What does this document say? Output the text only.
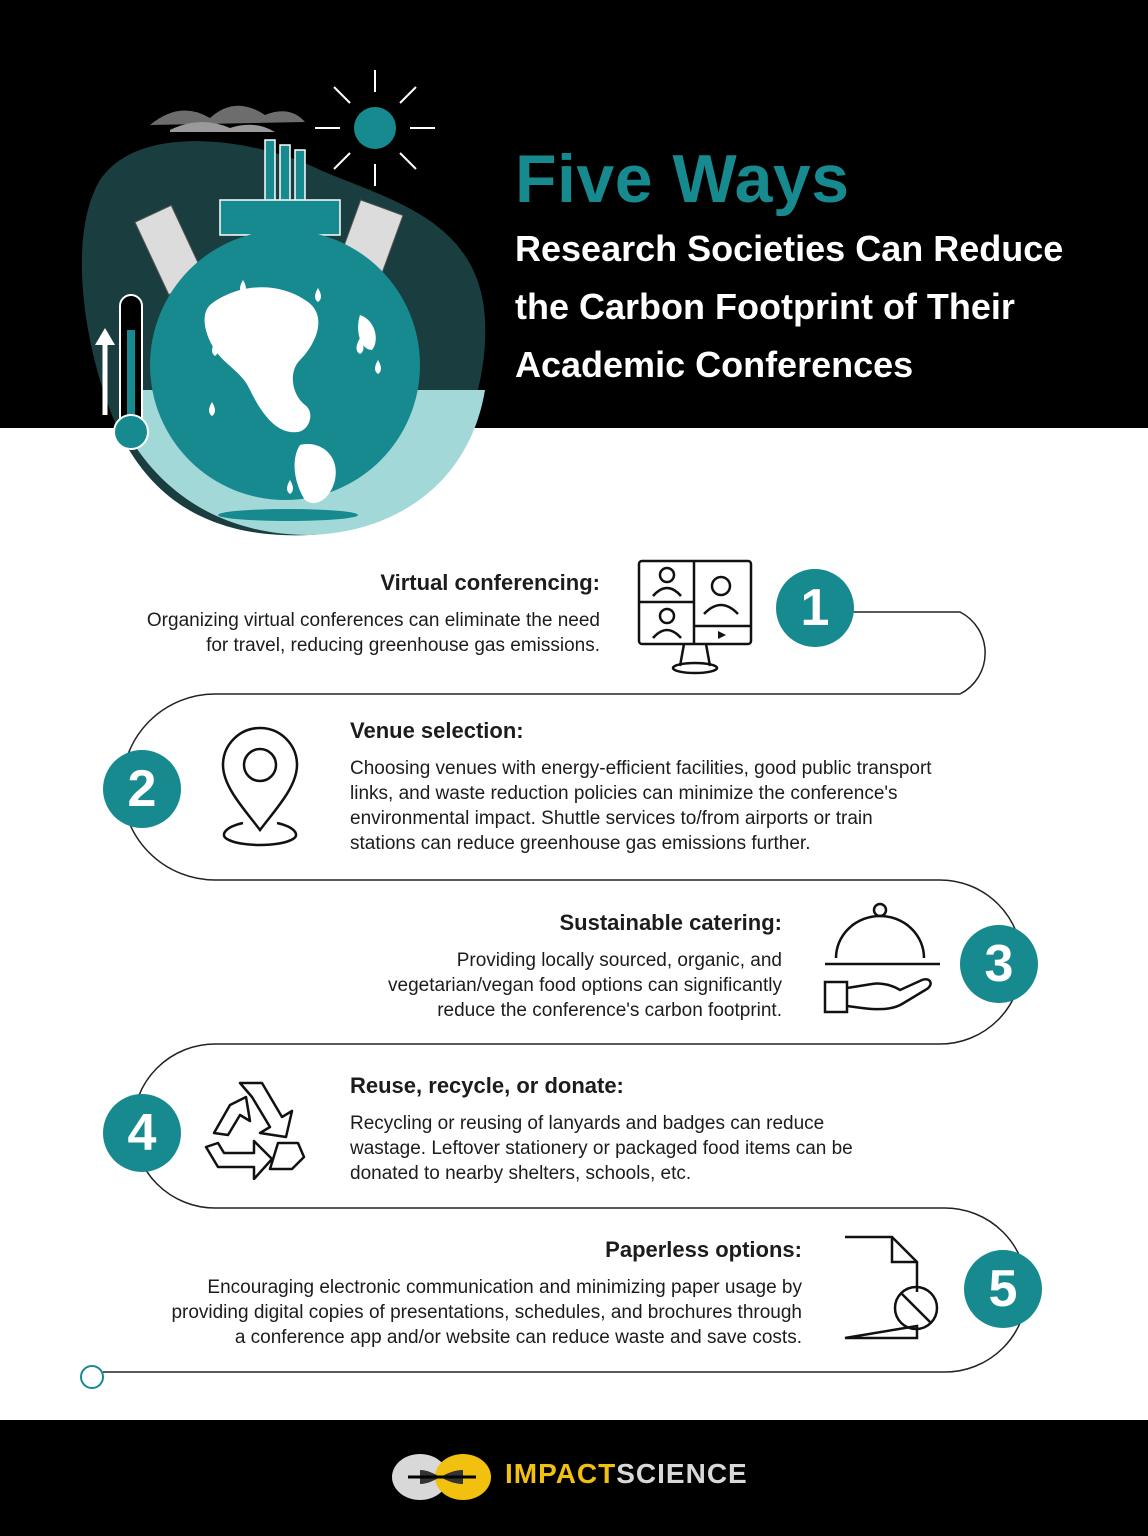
Five Ways
Research Societies Can Reduce
the Carbon Footprint of Their
Academic Conferences
Virtual conferencing:

Organizing virtual conferences can eliminate the need
for travel, reducing greenhouse gas emissions.

1
2
Venue selection:

Choosing venues with energy-efficient facilities, good public transport
links, and waste reduction policies can minimize the conference's
environmental impact. Shuttle services to/from airports or train
stations can reduce greenhouse gas emissions further.

Sustainable catering:

Providing locally sourced, organic, and
vegetarian/vegan food options can significantly
reduce the conference's carbon footprint.

3
4
Reuse, recycle, or donate:

Recycling or reusing of lanyards and badges can reduce
wastage. Leftover stationery or packaged food items can be
donated to nearby shelters, schools, etc.

Paperless options:

Encouraging electronic communication and minimizing paper usage by
providing digital copies of presentations, schedules, and brochures through
a conference app and/or website can reduce waste and save costs.

5
IMPACTSCIENCE
